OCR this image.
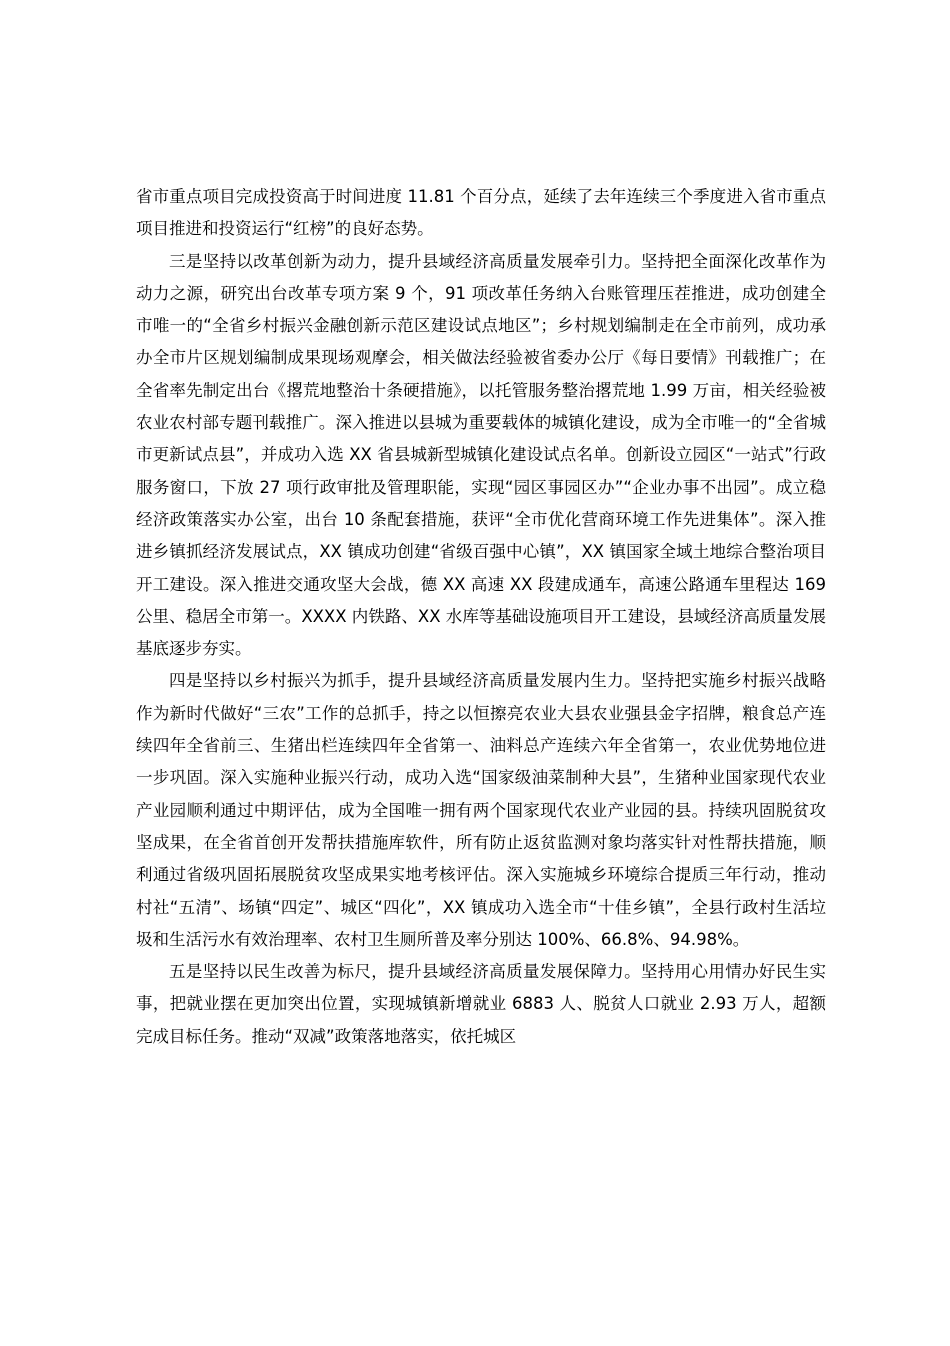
省市重点项目完成投资高于时间进度 11.81 个百分点，延续了去年连续三个季度进入省市重点项目推进和投资运行“红榜”的良好态势。

三是坚持以改革创新为动力，提升县域经济高质量发展牵引力。坚持把全面深化改革作为动力之源，研究出台改革专项方案 9 个，91 项改革任务纳入台账管理压茬推进，成功创建全市唯一的“全省乡村振兴金融创新示范区建设试点地区”；乡村规划编制走在全市前列，成功承办全市片区规划编制成果现场观摩会，相关做法经验被省委办公厅《每日要情》刊载推广；在全省率先制定出台《撂荒地整治十条硬措施》，以托管服务整治撂荒地 1.99 万亩，相关经验被农业农村部专题刊载推广。深入推进以县城为重要载体的城镇化建设，成为全市唯一的“全省城市更新试点县”，并成功入选 XX 省县城新型城镇化建设试点名单。创新设立园区“一站式”行政服务窗口，下放 27 项行政审批及管理职能，实现“园区事园区办”“企业办事不出园”。成立稳经济政策落实办公室，出台 10 条配套措施，获评“全市优化营商环境工作先进集体”。深入推进乡镇抓经济发展试点，XX 镇成功创建“省级百强中心镇”，XX 镇国家全域土地综合整治项目开工建设。深入推进交通攻坚大会战，德 XX 高速 XX 段建成通车，高速公路通车里程达 169 公里、稳居全市第一。XXXX 内铁路、XX 水库等基础设施项目开工建设，县域经济高质量发展基底逐步夯实。

四是坚持以乡村振兴为抓手，提升县域经济高质量发展内生力。坚持把实施乡村振兴战略作为新时代做好“三农”工作的总抓手，持之以恒擦亮农业大县农业强县金字招牌，粮食总产连续四年全省前三、生猪出栏连续四年全省第一、油料总产连续六年全省第一，农业优势地位进一步巩固。深入实施种业振兴行动，成功入选“国家级油菜制种大县”，生猪种业国家现代农业产业园顺利通过中期评估，成为全国唯一拥有两个国家现代农业产业园的县。持续巩固脱贫攻坚成果，在全省首创开发帮扶措施库软件，所有防止返贫监测对象均落实针对性帮扶措施，顺利通过省级巩固拓展脱贫攻坚成果实地考核评估。深入实施城乡环境综合提质三年行动，推动村社“五清”、场镇“四定”、城区“四化”，XX 镇成功入选全市“十佳乡镇”，全县行政村生活垃圾和生活污水有效治理率、农村卫生厕所普及率分别达 100%、66.8%、94.98%。

五是坚持以民生改善为标尺，提升县域经济高质量发展保障力。坚持用心用情办好民生实事，把就业摆在更加突出位置，实现城镇新增就业 6883 人、脱贫人口就业 2.93 万人，超额完成目标任务。推动“双减”政策落地落实，依托城区
